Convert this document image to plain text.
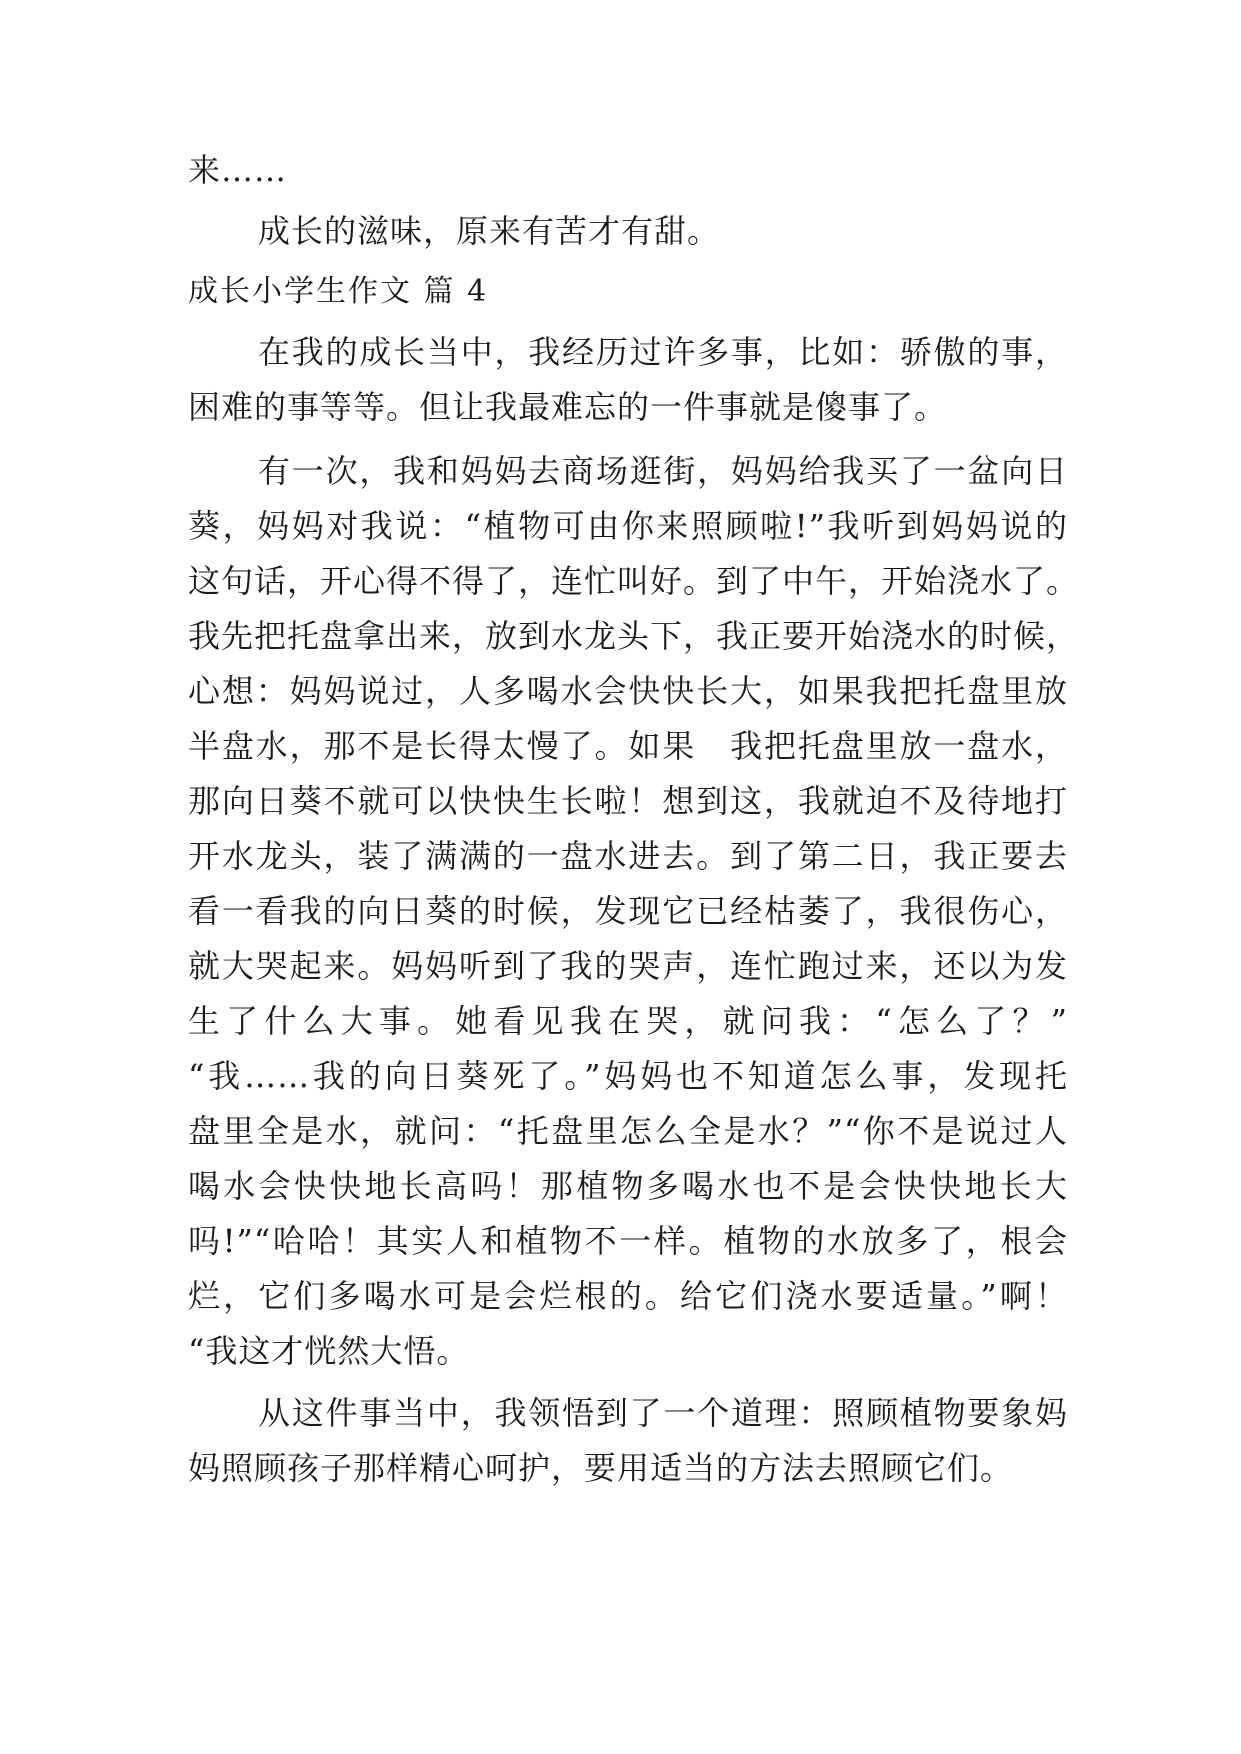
来……
成长的滋味，原来有苦才有甜。
成长小学生作文 篇 4
在我的成长当中，我经历过许多事，比如：骄傲的事，
困难的事等等。但让我最难忘的一件事就是傻事了。
有一次，我和妈妈去商场逛街，妈妈给我买了一盆向日
葵，妈妈对我说：“植物可由你来照顾啦!”我听到妈妈说的
这句话，开心得不得了，连忙叫好。到了中午，开始浇水了。
我先把托盘拿出来，放到水龙头下，我正要开始浇水的时候，
心想：妈妈说过，人多喝水会快快长大，如果我把托盘里放
半盘水，那不是长得太慢了。如果　我把托盘里放一盘水，
那向日葵不就可以快快生长啦！想到这，我就迫不及待地打
开水龙头，装了满满的一盘水进去。到了第二日，我正要去
看一看我的向日葵的时候，发现它已经枯萎了，我很伤心，
就大哭起来。妈妈听到了我的哭声，连忙跑过来，还以为发
生了什么大事。她看见我在哭，就问我：“怎么了？”
“我……我的向日葵死了。”妈妈也不知道怎么事，发现托
盘里全是水，就问：“托盘里怎么全是水？”“你不是说过人
喝水会快快地长高吗！那植物多喝水也不是会快快地长大
吗!”“哈哈！其实人和植物不一样。植物的水放多了，根会
烂，它们多喝水可是会烂根的。给它们浇水要适量。”啊！
“我这才恍然大悟。
从这件事当中，我领悟到了一个道理：照顾植物要象妈
妈照顾孩子那样精心呵护，要用适当的方法去照顾它们。
